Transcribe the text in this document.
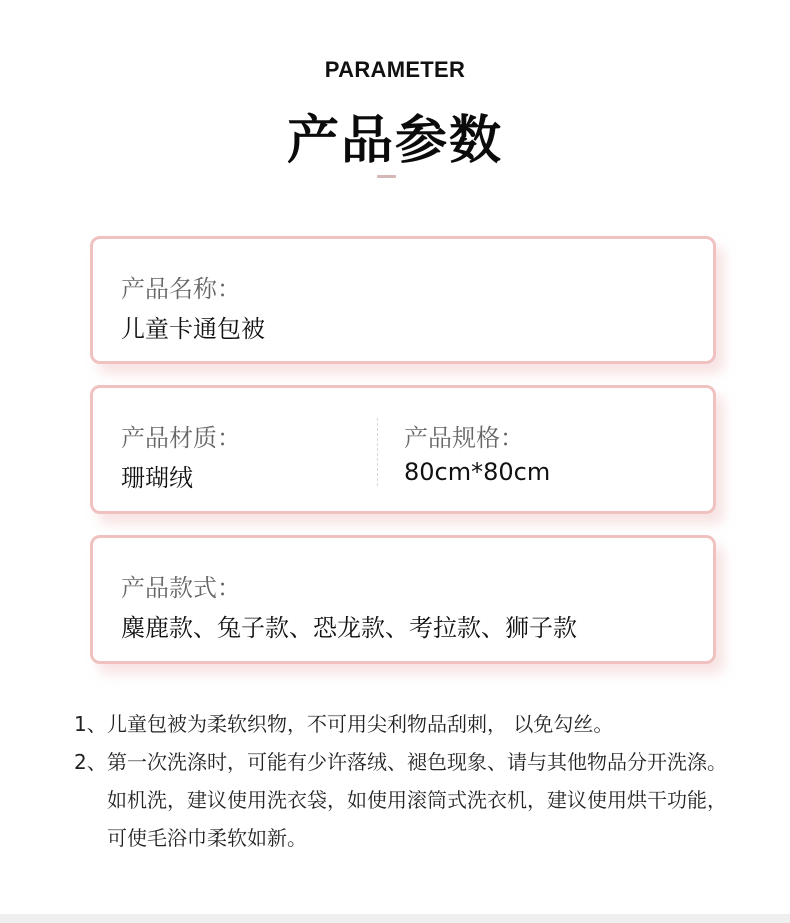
PARAMETER
产品参数
产品名称：
儿童卡通包被
产品材质：
珊瑚绒
产品规格：
80cm*80cm
产品款式：
麋鹿款、兔子款、恐龙款、考拉款、狮子款
1、 儿童包被为柔软织物，不可用尖利物品刮刺， 以免勾丝。
2、 第一次洗涤时，可能有少许落绒、褪色现象、请与其他物品分开洗涤。如机洗，建议使用洗衣袋，如使用滚筒式洗衣机，建议使用烘干功能，可使毛浴巾柔软如新。
